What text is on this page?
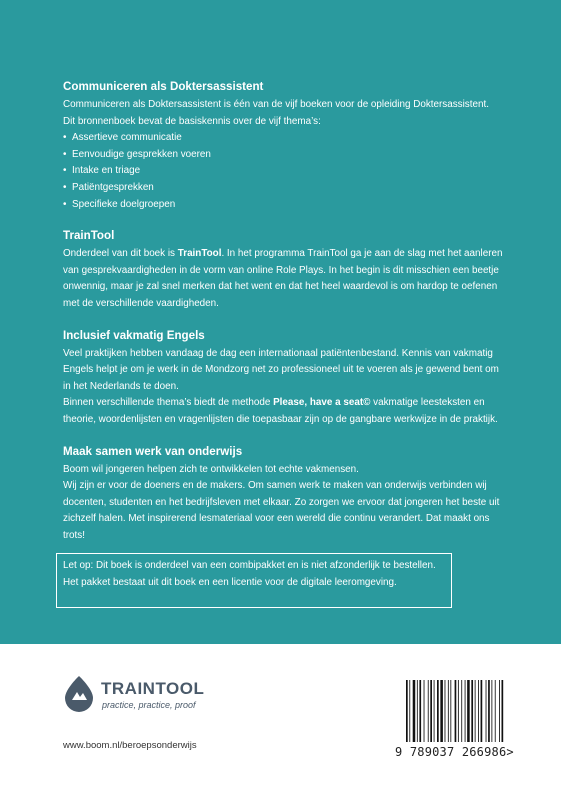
Communiceren als Doktersassistent

Communiceren als Doktersassistent is één van de vijf boeken voor de opleiding Doktersassistent. Dit bronnenboek bevat de basiskennis over de vijf thema’s:

• Assertieve communicatie
• Eenvoudige gesprekken voeren
• Intake en triage
• Patiëntgesprekken
• Specifieke doelgroepen
TrainTool

Onderdeel van dit boek is TrainTool. In het programma TrainTool ga je aan de slag met het aanleren van gesprekvaardigheden in de vorm van online Role Plays. In het begin is dit misschien een beetje onwennig, maar je zal snel merken dat het went en dat het heel waardevol is om hardop te oefenen met de verschillende vaardigheden.

Inclusief vakmatig Engels

Veel praktijken hebben vandaag de dag een internationaal patiëntenbestand. Kennis van vakmatig Engels helpt je om je werk in de Mondzorg net zo professioneel uit te voeren als je gewend bent om in het Nederlands te doen.

Binnen verschillende thema’s biedt de methode Please, have a seat© vakmatige leesteksten en theorie, woordenlijsten en vragenlijsten die toepasbaar zijn op de gangbare werkwijze in de praktijk.

Maak samen werk van onderwijs

Boom wil jongeren helpen zich te ontwikkelen tot echte vakmensen.

Wij zijn er voor de doeners en de makers. Om samen werk te maken van onderwijs verbinden wij docenten, studenten en het bedrijfsleven met elkaar. Zo zorgen we ervoor dat jongeren het beste uit zichzelf halen. Met inspirerend lesmateriaal voor een wereld die continu verandert. Dat maakt ons trots!

Let op: Dit boek is onderdeel van een combipakket en is niet afzonderlijk te bestellen. Het pakket bestaat uit dit boek en een licentie voor de digitale leeromgeving.

TRAINTOOL
practice, practice, proof
www.boom.nl/beroepsonderwijs	9 789037 266986>
